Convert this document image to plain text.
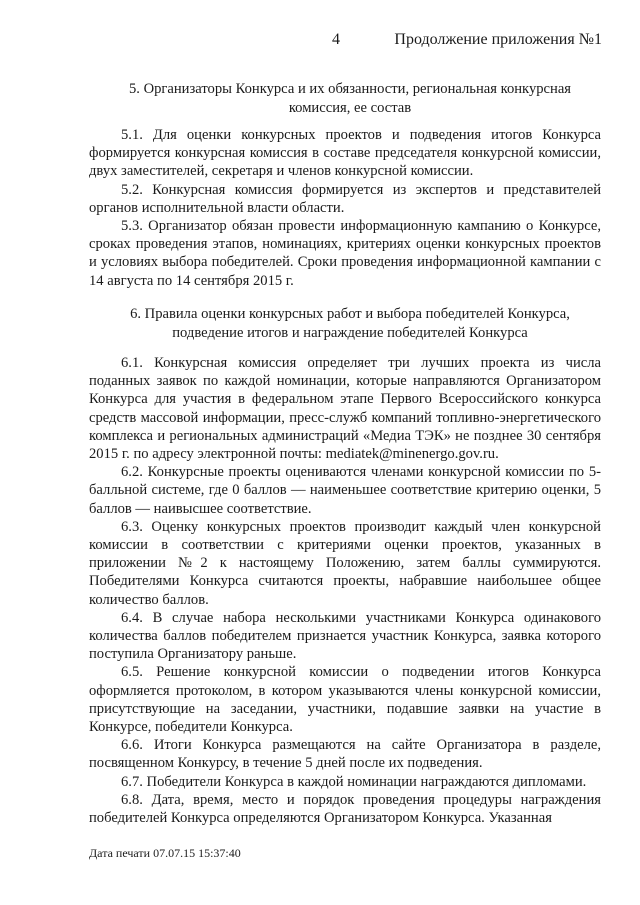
4	Продолжение приложения №1
5. Организаторы Конкурса и их обязанности, региональная конкурсная
комиссия, ее состав

5.1. Для оценки конкурсных проектов и подведения итогов Конкурса формируется конкурсная комиссия в составе председателя конкурсной комиссии, двух заместителей, секретаря и членов конкурсной комиссии.

5.2. Конкурсная комиссия формируется из экспертов и представителей органов исполнительной власти области.

5.3. Организатор обязан провести информационную кампанию о Конкурсе, сроках проведения этапов, номинациях, критериях оценки конкурсных проектов и условиях выбора победителей. Сроки проведения информационной кампании с 14 августа по 14 сентября 2015 г.

6. Правила оценки конкурсных работ и выбора победителей Конкурса,
подведение итогов и награждение победителей Конкурса

6.1. Конкурсная комиссия определяет три лучших проекта из числа поданных заявок по каждой номинации, которые направляются Организатором Конкурса для участия в федеральном этапе Первого Всероссийского конкурса средств массовой информации, пресс-служб компаний топливно-энергетического комплекса и региональных администраций «Медиа ТЭК» не позднее 30 сентября 2015 г. по адресу электронной почты: mediatek@minenergo.gov.ru.

6.2. Конкурсные проекты оцениваются членами конкурсной комиссии по 5-балльной системе, где 0 баллов — наименьшее соответствие критерию оценки, 5 баллов — наивысшее соответствие.

6.3. Оценку конкурсных проектов производит каждый член конкурсной комиссии в соответствии с критериями оценки проектов, указанных в приложении №2 к настоящему Положению, затем баллы суммируются. Победителями Конкурса считаются проекты, набравшие наибольшее общее количество баллов.

6.4. В случае набора несколькими участниками Конкурса одинакового количества баллов победителем признается участник Конкурса, заявка которого поступила Организатору раньше.

6.5. Решение конкурсной комиссии о подведении итогов Конкурса оформляется протоколом, в котором указываются члены конкурсной комиссии, присутствующие на заседании, участники, подавшие заявки на участие в Конкурсе, победители Конкурса.

6.6. Итоги Конкурса размещаются на сайте Организатора в разделе, посвященном Конкурсу, в течение 5 дней после их подведения.

6.7. Победители Конкурса в каждой номинации награждаются дипломами.

6.8. Дата, время, место и порядок проведения процедуры награждения победителей Конкурса определяются Организатором Конкурса. Указанная

Дата печати 07.07.15 15:37:40
